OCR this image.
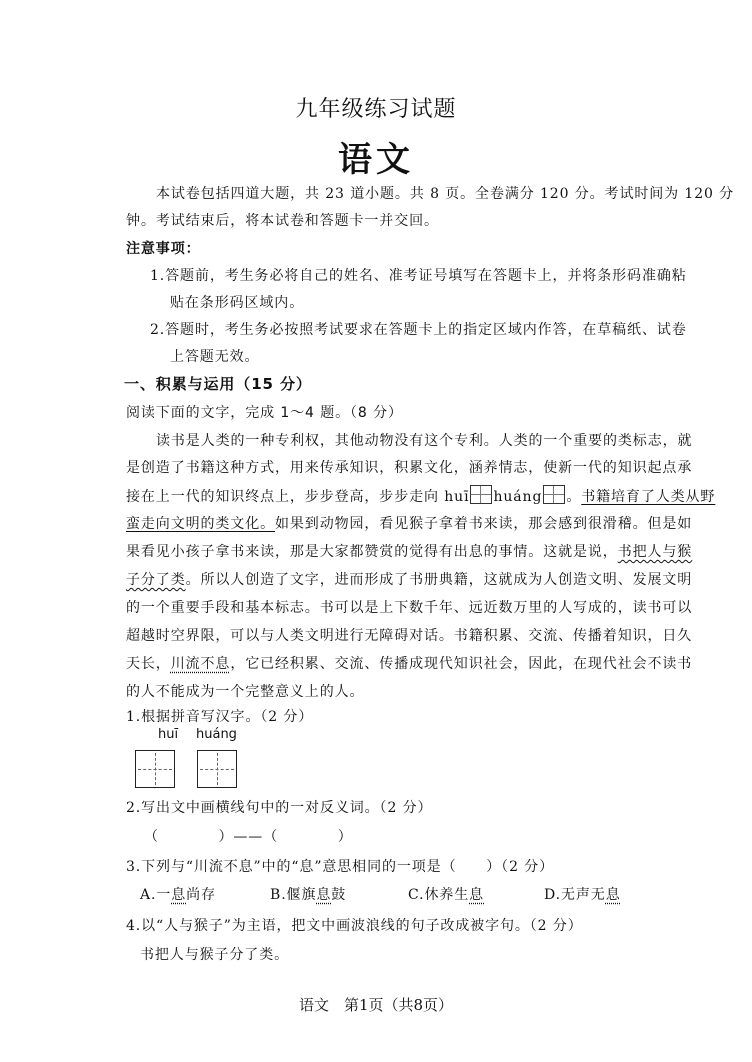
九年级练习试题
语文
本试卷包括四道大题，共 23 道小题。共 8 页。全卷满分 120 分。考试时间为 120 分
钟。考试结束后，将本试卷和答题卡一并交回。
注意事项：
1.答题前，考生务必将自己的姓名、准考证号填写在答题卡上，并将条形码准确粘
贴在条形码区域内。
2.答题时，考生务必按照考试要求在答题卡上的指定区域内作答，在草稿纸、试卷
上答题无效。
一、积累与运用（15 分）
阅读下面的文字，完成 1～4 题。（8 分）
读书是人类的一种专利权，其他动物没有这个专利。人类的一个重要的类标志，就
是创造了书籍这种方式，用来传承知识，积累文化，涵养情志，使新一代的知识起点承
接在上一代的知识终点上，步步登高，步步走向 huī huáng 。书籍培育了人类从野
蛮走向文明的类文化。如果到动物园，看见猴子拿着书来读，那会感到很滑稽。但是如
果看见小孩子拿书来读，那是大家都赞赏的觉得有出息的事情。这就是说，书把人与猴
子分了类。所以人创造了文字，进而形成了书册典籍，这就成为人创造文明、发展文明
的一个重要手段和基本标志。书可以是上下数千年、远近数万里的人写成的，读书可以
超越时空界限，可以与人类文明进行无障碍对话。书籍积累、交流、传播着知识，日久
天长，川流不息，它已经积累、交流、传播成现代知识社会，因此，在现代社会不读书
的人不能成为一个完整意义上的人。
1.根据拼音写汉字。（2 分）
huī huáng
2.写出文中画横线句中的一对反义词。（2 分）
（　　　　）——（　　　　）
3.下列与“川流不息”中的“息”意思相同的一项是（　　）（2 分）
A.一息尚存	B.偃旗息鼓	C.休养生息	D.无声无息
4.以“人与猴子”为主语，把文中画波浪线的句子改成被字句。（2 分）
书把人与猴子分了类。
语文　第1页（共8页）
